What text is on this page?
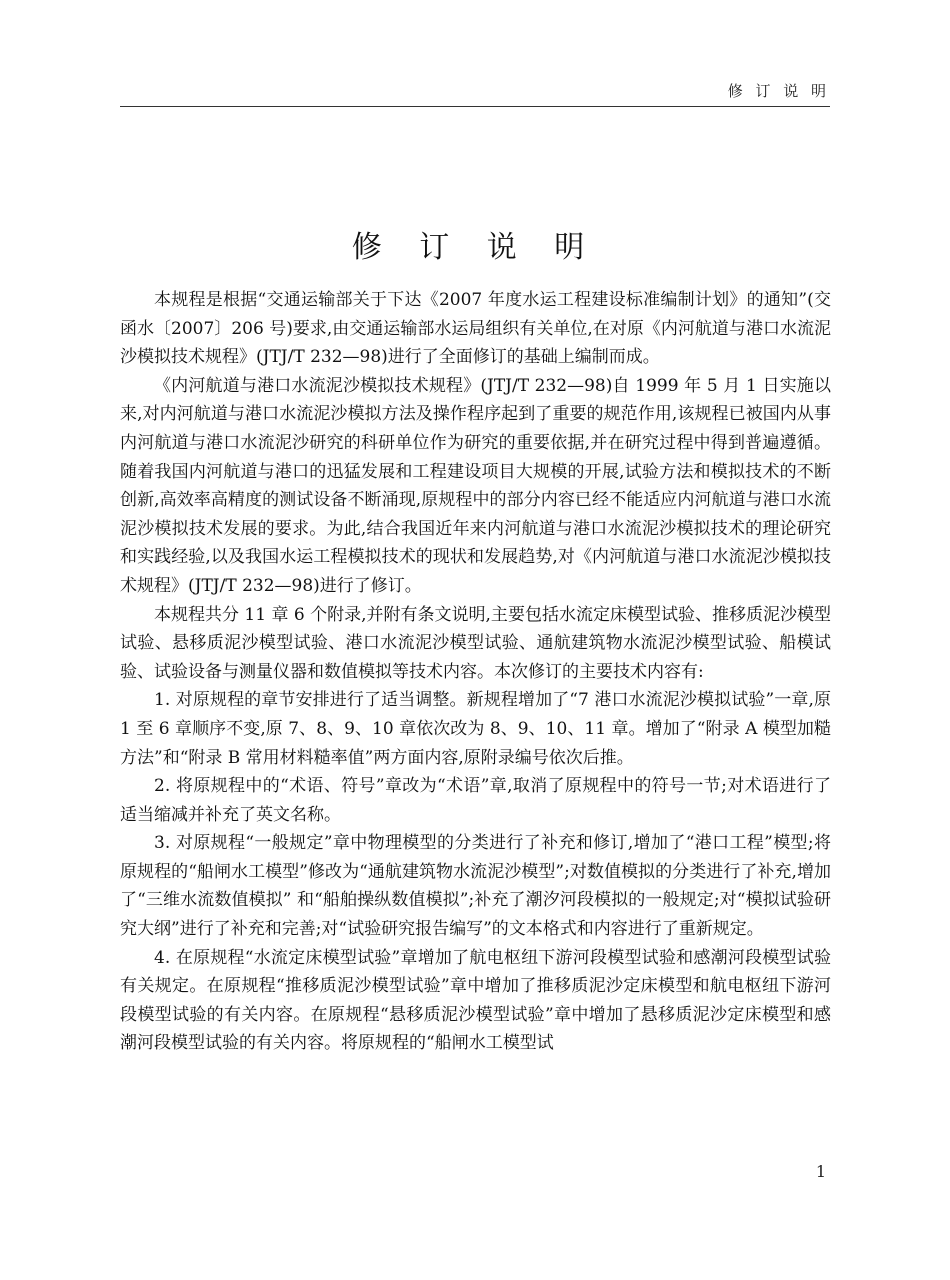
修 订 说 明
修 订 说 明

本规程是根据“交通运输部关于下达《2007 年度水运工程建设标准编制计划》的通知”(交函水〔2007〕206 号)要求,由交通运输部水运局组织有关单位,在对原《内河航道与港口水流泥沙模拟技术规程》(JTJ/T 232—98)进行了全面修订的基础上编制而成。

《内河航道与港口水流泥沙模拟技术规程》(JTJ/T 232—98)自 1999 年 5 月 1 日实施以来,对内河航道与港口水流泥沙模拟方法及操作程序起到了重要的规范作用,该规程已被国内从事内河航道与港口水流泥沙研究的科研单位作为研究的重要依据,并在研究过程中得到普遍遵循。随着我国内河航道与港口的迅猛发展和工程建设项目大规模的开展,试验方法和模拟技术的不断创新,高效率高精度的测试设备不断涌现,原规程中的部分内容已经不能适应内河航道与港口水流泥沙模拟技术发展的要求。为此,结合我国近年来内河航道与港口水流泥沙模拟技术的理论研究和实践经验,以及我国水运工程模拟技术的现状和发展趋势,对《内河航道与港口水流泥沙模拟技术规程》(JTJ/T 232—98)进行了修订。

本规程共分 11 章 6 个附录,并附有条文说明,主要包括水流定床模型试验、推移质泥沙模型试验、悬移质泥沙模型试验、港口水流泥沙模型试验、通航建筑物水流泥沙模型试验、船模试验、试验设备与测量仪器和数值模拟等技术内容。本次修订的主要技术内容有:

1. 对原规程的章节安排进行了适当调整。新规程增加了“7 港口水流泥沙模拟试验”一章,原 1 至 6 章顺序不变,原 7、8、9、10 章依次改为 8、9、10、11 章。增加了“附录 A 模型加糙方法”和“附录 B 常用材料糙率值”两方面内容,原附录编号依次后推。

2. 将原规程中的“术语、符号”章改为“术语”章,取消了原规程中的符号一节;对术语进行了适当缩减并补充了英文名称。

3. 对原规程“一般规定”章中物理模型的分类进行了补充和修订,增加了“港口工程”模型;将原规程的“船闸水工模型”修改为“通航建筑物水流泥沙模型”;对数值模拟的分类进行了补充,增加了“三维水流数值模拟” 和“船舶操纵数值模拟”;补充了潮汐河段模拟的一般规定;对“模拟试验研究大纲”进行了补充和完善;对“试验研究报告编写”的文本格式和内容进行了重新规定。

4. 在原规程“水流定床模型试验”章增加了航电枢纽下游河段模型试验和感潮河段模型试验有关规定。在原规程“推移质泥沙模型试验”章中增加了推移质泥沙定床模型和航电枢纽下游河段模型试验的有关内容。在原规程“悬移质泥沙模型试验”章中增加了悬移质泥沙定床模型和感潮河段模型试验的有关内容。将原规程的“船闸水工模型试

1
